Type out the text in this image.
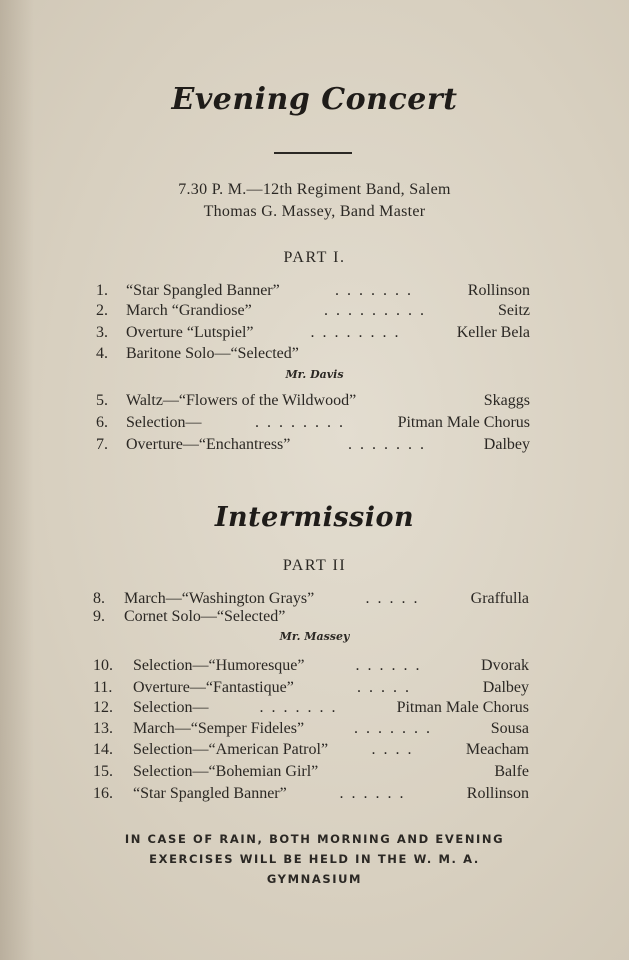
Evening Concert
7.30 P. M.—12th Regiment Band, Salem
Thomas G. Massey, Band Master
PART I.
1.	“Star Spangled Banner”	Rollinson
. . . . . . .
2.	March “Grandiose”	Seitz
. . . . . . . . .
3.	Overture “Lutspiel”	Keller Bela
. . . . . . . .
4.	Baritone Solo—“Selected”
5.	Waltz—“Flowers of the Wildwood”	Skaggs
6.	Selection—	Pitman Male Chorus
. . . . . . . .
7.	Overture—“Enchantress”	Dalbey
. . . . . . .
Mr. Davis
Intermission
PART II
8.	March—“Washington Grays”	Graffulla
. . . . .
9.	Cornet Solo—“Selected”
10.	Selection—“Humoresque”	Dvorak
. . . . . .
11.	Overture—“Fantastique”	Dalbey
. . . . .
12.	Selection—	Pitman Male Chorus
. . . . . . .
13.	March—“Semper Fideles”	Sousa
. . . . . . .
14.	Selection—“American Patrol”	Meacham
. . . .
15.	Selection—“Bohemian Girl”	Balfe
16.	“Star Spangled Banner”	Rollinson
. . . . . .
Mr. Massey
IN CASE OF RAIN, BOTH MORNING AND EVENING
EXERCISES WILL BE HELD IN THE W. M. A.
GYMNASIUM
